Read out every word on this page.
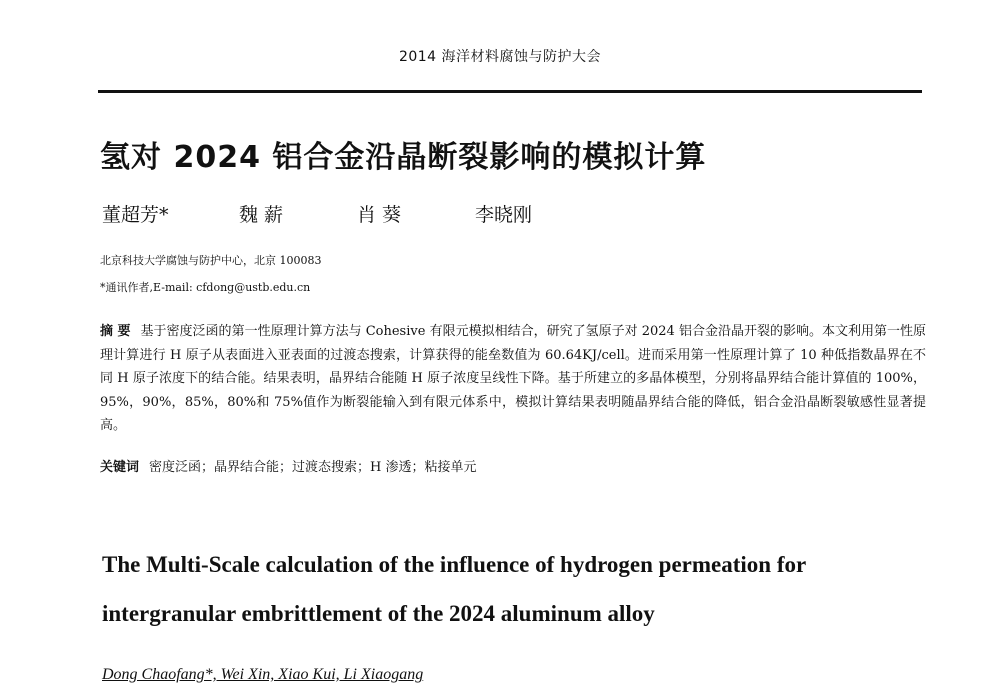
2014 海洋材料腐蚀与防护大会
氢对 2024 铝合金沿晶断裂影响的模拟计算
董超芳*	魏 薪	肖 葵	李晓刚
北京科技大学腐蚀与防护中心，北京 100083
*通讯作者,E-mail: cfdong@ustb.edu.cn
摘 要 基于密度泛函的第一性原理计算方法与 Cohesive 有限元模拟相结合，研究了氢原子对 2024 铝合金沿晶开裂的影响。本文利用第一性原理计算进行 H 原子从表面进入亚表面的过渡态搜索，计算获得的能垒数值为 60.64KJ/cell。进而采用第一性原理计算了 10 种低指数晶界在不同 H 原子浓度下的结合能。结果表明，晶界结合能随 H 原子浓度呈线性下降。基于所建立的多晶体模型，分别将晶界结合能计算值的 100%，95%，90%，85%，80%和 75%值作为断裂能输入到有限元体系中，模拟计算结果表明随晶界结合能的降低，铝合金沿晶断裂敏感性显著提高。
关键词 密度泛函；晶界结合能；过渡态搜索；H 渗透；粘接单元
The Multi-Scale calculation of the influence of hydrogen permeation for intergranular embrittlement of the 2024 aluminum alloy
Dong Chaofang*, Wei Xin, Xiao Kui, Li Xiaogang
